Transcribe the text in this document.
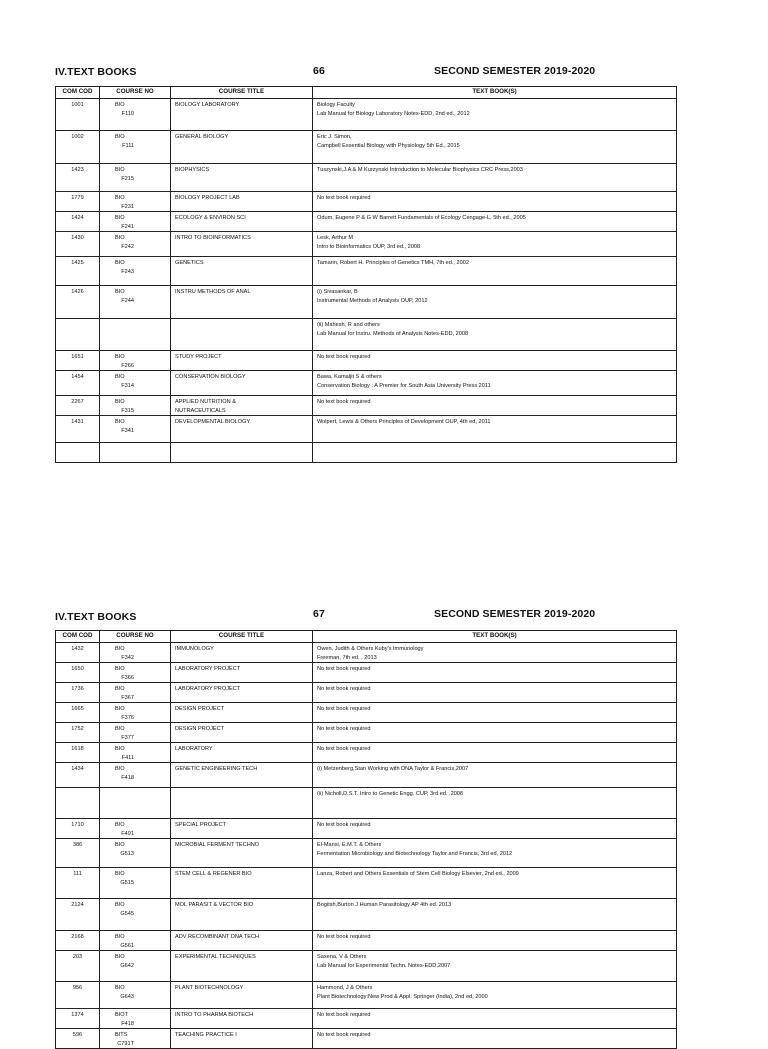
IV.TEXT BOOKS	66	SECOND SEMESTER 2019-2020
COM COD	COURSE NO	COURSE TITLE	TEXT BOOK(S)
1001	BIOF110	BIOLOGY LABORATORY	Biology Faculty
Lab Manual for Biology Laboratory Notes-EDD, 2nd ed., 2012

1002	BIOF111	GENERAL BIOLOGY	Eric J. Simon,
Campbell Essential Biology with Physiology 5th Ed., 2015

1423	BIOF215	BIOPHYSICS	Tuszynski,J.A & M Kurzynski Introduction to Molecular Biophysics CRC Press,2003

1779	BIOF231	BIOLOGY PROJECT LAB	No text book required

1424	BIOF241	ECOLOGY & ENVIRON SCI	Odum, Eugene P & G W Barrett Fundamentals of Ecology Cengage-L, 5th ed., 2005

1430	BIOF242	INTRO TO BIOINFORMATICS	Lesk, Arthur M
Intro to Bioinformatics OUP, 3rd ed., 2008

1425	BIOF243	GENETICS	Tamarin, Robert H. Principles of Genetics TMH, 7th ed., 2002

1426	BIOF244	INSTRU METHODS OF ANAL	(i) Sivasankar, B
Instrumental Methods of Analysis OUP, 2012

			(ii) Mahesh, R and others
Lab Manual for Instru. Methods of Analysis Notes-EDD, 2008

1651	BIOF266	STUDY PROJECT	No text book required

1454	BIOF314	CONSERVATION BIOLOGY	Bawa, Kamaljit S & others
Conservation Biology : A Premier for South Asia University Press 2011

2267	BIOF315	APPLIED NUTRITION &
NUTRACEUTICALS	No text book required

1431	BIOF341	DEVELOPMENTAL BIOLOGY	Wolpert, Lewis & Others Principles of Development OUP, 4th ed, 2011

IV.TEXT BOOKS	67	SECOND SEMESTER 2019-2020
COM COD	COURSE NO	COURSE TITLE	TEXT BOOK(S)
1432	BIOF342	IMMUNOLOGY	Owen, Judith & Others Kuby's Immunology
Freeman, 7th ed. , 2013

1650	BIOF366	LABORATORY PROJECT	No text book required

1736	BIOF367	LABORATORY PROJECT	No text book required

1665	BIOF376	DESIGN PROJECT	No text book required

1752	BIOF377	DESIGN PROJECT	No text book required

1618	BIOF411	LABORATORY	No text book required

1434	BIOF418	GENETIC ENGINEERING TECH	(i) Metzenberg,Stan Working with DNA Taylor & Francis,2007

			(ii) Nicholl,D.S.T. Intro to Genetic Engg. CUP, 3rd ed. ,2008

1710	BIOF491	SPECIAL PROJECT	No text book required

386	BIOG513	MICROBIAL FERMENT TECHNO	El-Mansi, E.M.T. & Others
Fermentation Microbiology and Biotechnology Taylor and Francis, 3rd ed, 2012

111	BIOG515	STEM CELL & REGENER BIO	Lanza, Robert and Others Essentials of Stem Cell Biology Elsevier, 2nd ed., 2009

2124	BIOG545	MOL PARASIT & VECTOR BIO	Bogitsh,Burton J Human Parasitology AP 4th ed. 2013

2168	BIOG561	ADV RECOMBINANT DNA TECH	No text book required

203	BIOG642	EXPERIMENTAL TECHNIQUES	Saxena, V & Others
Lab Manual for Experimental Techn. Notes-EDD,2007

956	BIOG643	PLANT BIOTECHNOLOGY	Hammond, J & Others
Plant Biotechnology:New Prod & Appl. Springer (India), 2nd ed, 2000

1374	BIOTF418	INTRO TO PHARMA BIOTECH	No text book required

596	BITSC791T	TEACHING PRACTICE I	No text book required
